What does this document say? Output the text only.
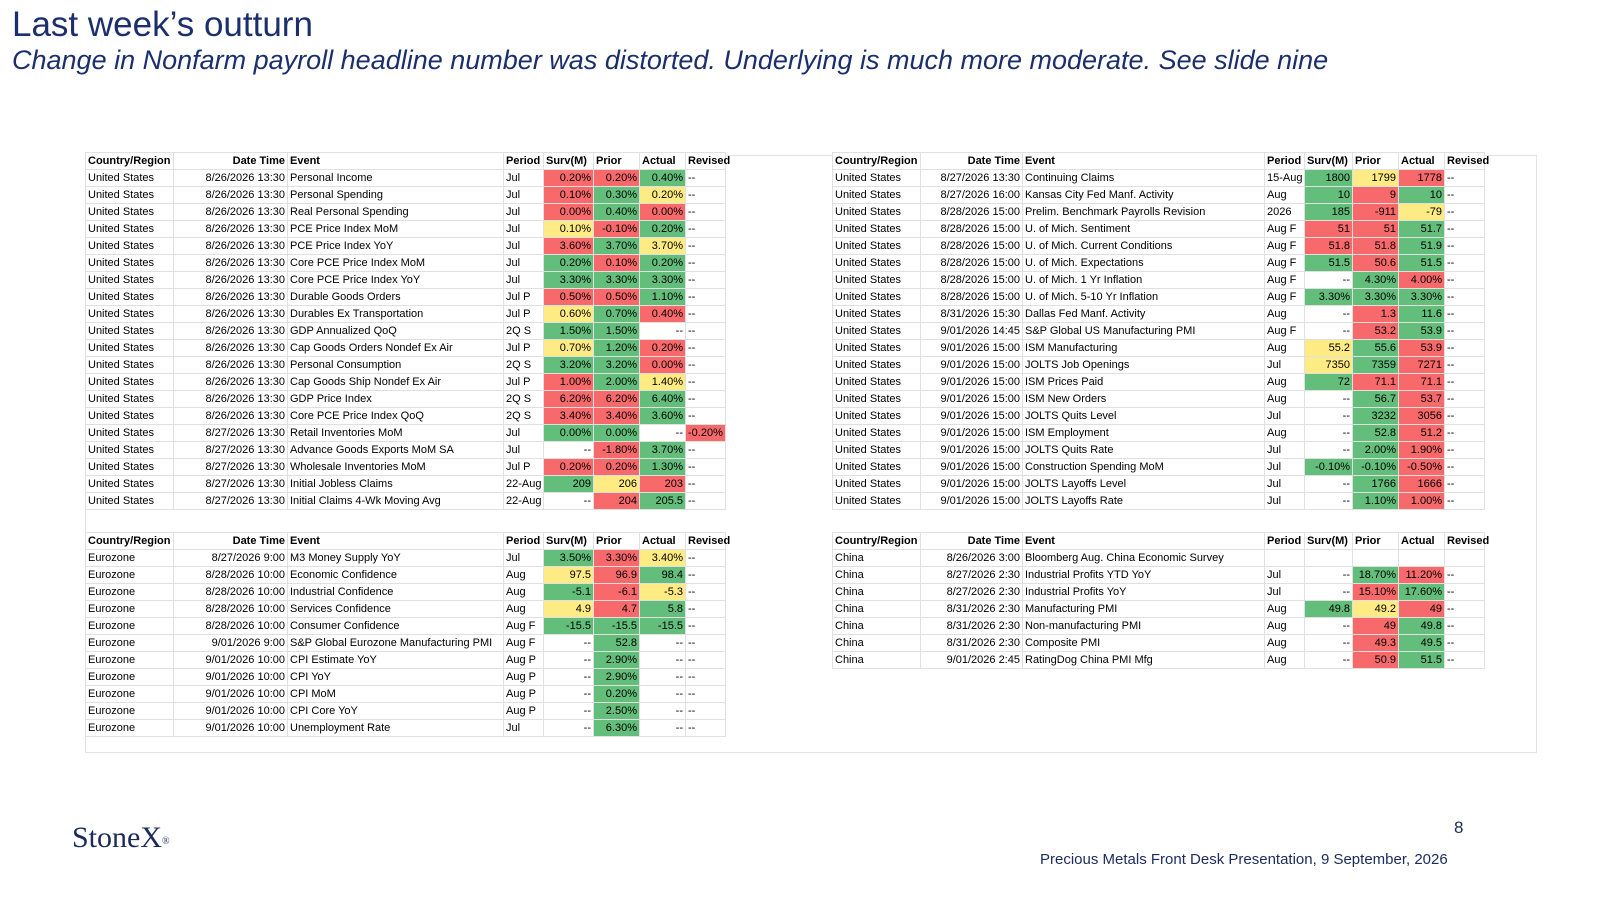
Last week’s outturn
Change in Nonfarm payroll headline number was distorted. Underlying is much more moderate. See slide nine
Country/Region	Date Time	Event	Period	Surv(M)	Prior	Actual	Revised
United States	8/26/2026 13:30	Personal Income	Jul	0.20%	0.20%	0.40%	--
United States	8/26/2026 13:30	Personal Spending	Jul	0.10%	0.30%	0.20%	--
United States	8/26/2026 13:30	Real Personal Spending	Jul	0.00%	0.40%	0.00%	--
United States	8/26/2026 13:30	PCE Price Index MoM	Jul	0.10%	-0.10%	0.20%	--
United States	8/26/2026 13:30	PCE Price Index YoY	Jul	3.60%	3.70%	3.70%	--
United States	8/26/2026 13:30	Core PCE Price Index MoM	Jul	0.20%	0.10%	0.20%	--
United States	8/26/2026 13:30	Core PCE Price Index YoY	Jul	3.30%	3.30%	3.30%	--
United States	8/26/2026 13:30	Durable Goods Orders	Jul P	0.50%	0.50%	1.10%	--
United States	8/26/2026 13:30	Durables Ex Transportation	Jul P	0.60%	0.70%	0.40%	--
United States	8/26/2026 13:30	GDP Annualized QoQ	2Q S	1.50%	1.50%	--	--
United States	8/26/2026 13:30	Cap Goods Orders Nondef Ex Air	Jul P	0.70%	1.20%	0.20%	--
United States	8/26/2026 13:30	Personal Consumption	2Q S	3.20%	3.20%	0.00%	--
United States	8/26/2026 13:30	Cap Goods Ship Nondef Ex Air	Jul P	1.00%	2.00%	1.40%	--
United States	8/26/2026 13:30	GDP Price Index	2Q S	6.20%	6.20%	6.40%	--
United States	8/26/2026 13:30	Core PCE Price Index QoQ	2Q S	3.40%	3.40%	3.60%	--
United States	8/27/2026 13:30	Retail Inventories MoM	Jul	0.00%	0.00%	--	-0.20%
United States	8/27/2026 13:30	Advance Goods Exports MoM SA	Jul	--	-1.80%	3.70%	--
United States	8/27/2026 13:30	Wholesale Inventories MoM	Jul P	0.20%	0.20%	1.30%	--
United States	8/27/2026 13:30	Initial Jobless Claims	22-Aug	209	206	203	--
United States	8/27/2026 13:30	Initial Claims 4-Wk Moving Avg	22-Aug	--	204	205.5	--
Country/Region	Date Time	Event	Period	Surv(M)	Prior	Actual	Revised
United States	8/27/2026 13:30	Continuing Claims	15-Aug	1800	1799	1778	--
United States	8/27/2026 16:00	Kansas City Fed Manf. Activity	Aug	10	9	10	--
United States	8/28/2026 15:00	Prelim. Benchmark Payrolls Revision	2026	185	-911	-79	--
United States	8/28/2026 15:00	U. of Mich. Sentiment	Aug F	51	51	51.7	--
United States	8/28/2026 15:00	U. of Mich. Current Conditions	Aug F	51.8	51.8	51.9	--
United States	8/28/2026 15:00	U. of Mich. Expectations	Aug F	51.5	50.6	51.5	--
United States	8/28/2026 15:00	U. of Mich. 1 Yr Inflation	Aug F	--	4.30%	4.00%	--
United States	8/28/2026 15:00	U. of Mich. 5-10 Yr Inflation	Aug F	3.30%	3.30%	3.30%	--
United States	8/31/2026 15:30	Dallas Fed Manf. Activity	Aug	--	1.3	11.6	--
United States	9/01/2026 14:45	S&P Global US Manufacturing PMI	Aug F	--	53.2	53.9	--
United States	9/01/2026 15:00	ISM Manufacturing	Aug	55.2	55.6	53.9	--
United States	9/01/2026 15:00	JOLTS Job Openings	Jul	7350	7359	7271	--
United States	9/01/2026 15:00	ISM Prices Paid	Aug	72	71.1	71.1	--
United States	9/01/2026 15:00	ISM New Orders	Aug	--	56.7	53.7	--
United States	9/01/2026 15:00	JOLTS Quits Level	Jul	--	3232	3056	--
United States	9/01/2026 15:00	ISM Employment	Aug	--	52.8	51.2	--
United States	9/01/2026 15:00	JOLTS Quits Rate	Jul	--	2.00%	1.90%	--
United States	9/01/2026 15:00	Construction Spending MoM	Jul	-0.10%	-0.10%	-0.50%	--
United States	9/01/2026 15:00	JOLTS Layoffs Level	Jul	--	1766	1666	--
United States	9/01/2026 15:00	JOLTS Layoffs Rate	Jul	--	1.10%	1.00%	--
Country/Region	Date Time	Event	Period	Surv(M)	Prior	Actual	Revised
Eurozone	8/27/2026 9:00	M3 Money Supply YoY	Jul	3.50%	3.30%	3.40%	--
Eurozone	8/28/2026 10:00	Economic Confidence	Aug	97.5	96.9	98.4	--
Eurozone	8/28/2026 10:00	Industrial Confidence	Aug	-5.1	-6.1	-5.3	--
Eurozone	8/28/2026 10:00	Services Confidence	Aug	4.9	4.7	5.8	--
Eurozone	8/28/2026 10:00	Consumer Confidence	Aug F	-15.5	-15.5	-15.5	--
Eurozone	9/01/2026 9:00	S&P Global Eurozone Manufacturing PMI	Aug F	--	52.8	--	--
Eurozone	9/01/2026 10:00	CPI Estimate YoY	Aug P	--	2.90%	--	--
Eurozone	9/01/2026 10:00	CPI YoY	Aug P	--	2.90%	--	--
Eurozone	9/01/2026 10:00	CPI MoM	Aug P	--	0.20%	--	--
Eurozone	9/01/2026 10:00	CPI Core YoY	Aug P	--	2.50%	--	--
Eurozone	9/01/2026 10:00	Unemployment Rate	Jul	--	6.30%	--	--
Country/Region	Date Time	Event	Period	Surv(M)	Prior	Actual	Revised
China	8/26/2026 3:00	Bloomberg Aug. China Economic Survey					
China	8/27/2026 2:30	Industrial Profits YTD YoY	Jul	--	18.70%	11.20%	--
China	8/27/2026 2:30	Industrial Profits YoY	Jul	--	15.10%	17.60%	--
China	8/31/2026 2:30	Manufacturing PMI	Aug	49.8	49.2	49	--
China	8/31/2026 2:30	Non-manufacturing PMI	Aug	--	49	49.8	--
China	8/31/2026 2:30	Composite PMI	Aug	--	49.3	49.5	--
China	9/01/2026 2:45	RatingDog China PMI Mfg	Aug	--	50.9	51.5	--
StoneX®
8
Precious Metals Front Desk Presentation, 9 September, 2026
